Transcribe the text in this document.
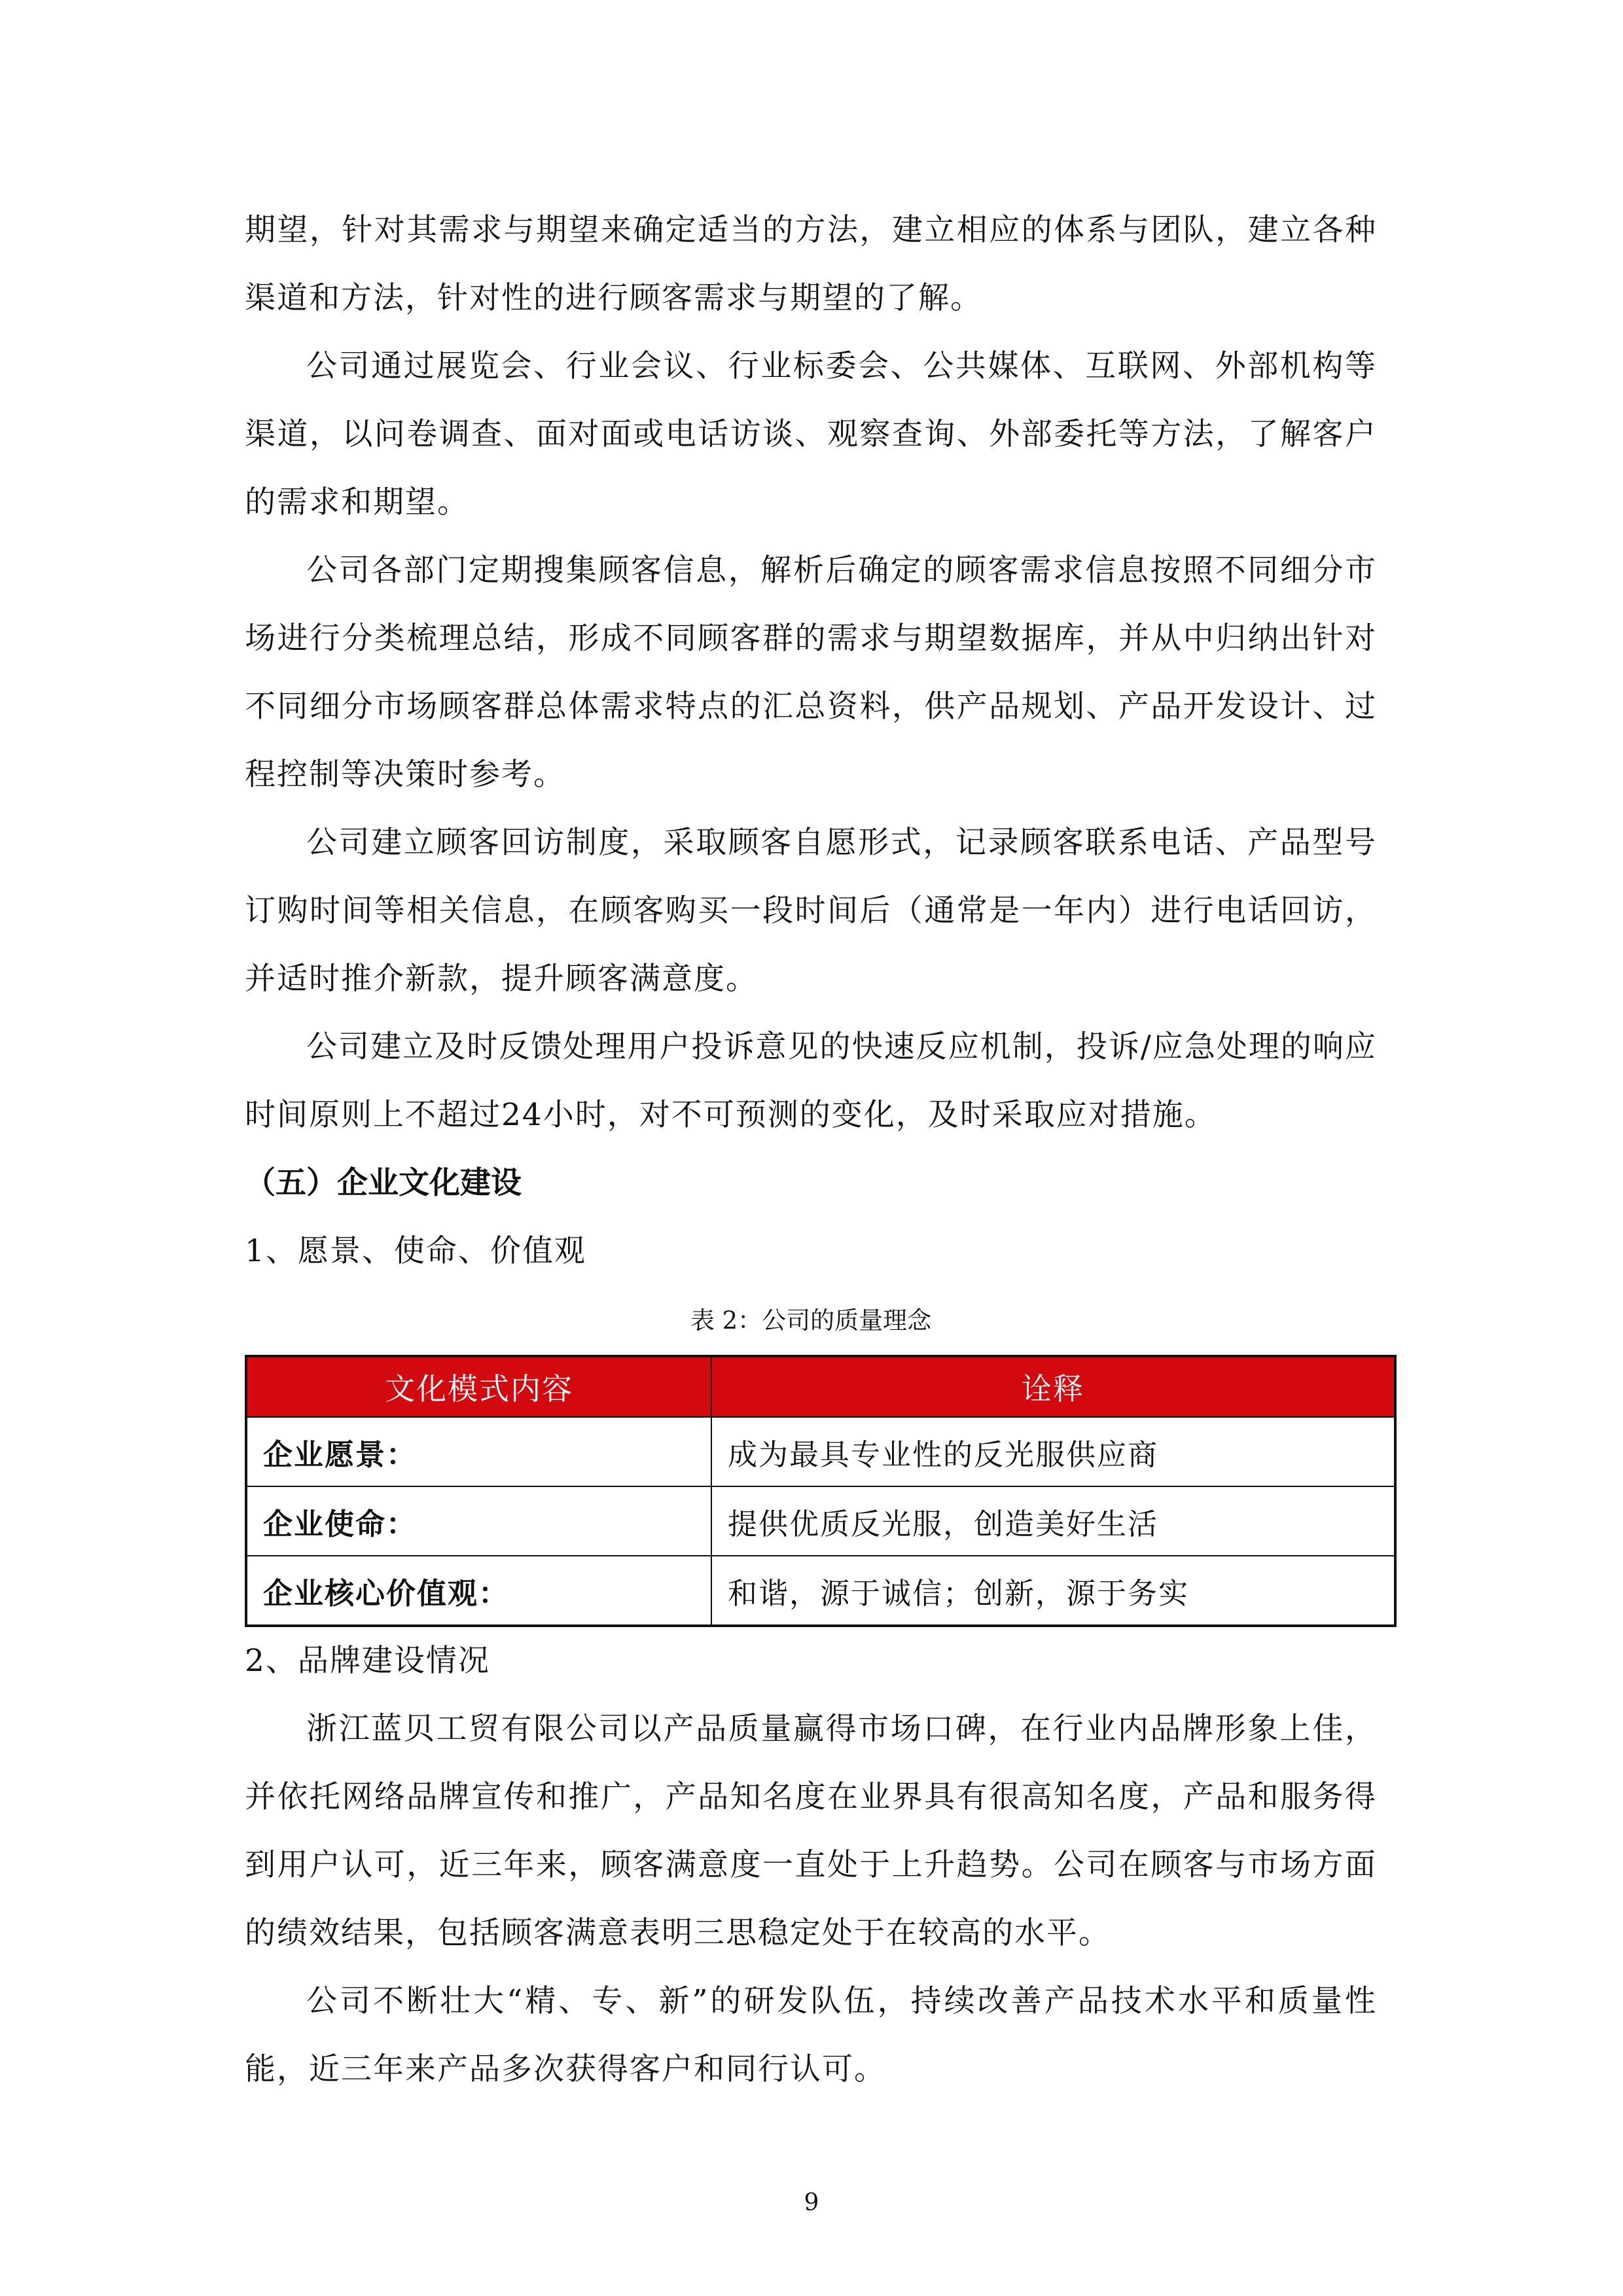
期望，针对其需求与期望来确定适当的方法，建立相应的体系与团队，建立各种渠道和方法，针对性的进行顾客需求与期望的了解。

公司通过展览会、行业会议、行业标委会、公共媒体、互联网、外部机构等渠道，以问卷调查、面对面或电话访谈、观察查询、外部委托等方法，了解客户的需求和期望。

公司各部门定期搜集顾客信息，解析后确定的顾客需求信息按照不同细分市场进行分类梳理总结，形成不同顾客群的需求与期望数据库，并从中归纳出针对不同细分市场顾客群总体需求特点的汇总资料，供产品规划、产品开发设计、过程控制等决策时参考。

公司建立顾客回访制度，采取顾客自愿形式，记录顾客联系电话、产品型号订购时间等相关信息，在顾客购买一段时间后（通常是一年内）进行电话回访，并适时推介新款，提升顾客满意度。

公司建立及时反馈处理用户投诉意见的快速反应机制，投诉/应急处理的响应时间原则上不超过24小时，对不可预测的变化，及时采取应对措施。

（五）企业文化建设

1、愿景、使命、价值观

表 2：公司的质量理念
文化模式内容	诠释
企业愿景：	成为最具专业性的反光服供应商
企业使命：	提供优质反光服，创造美好生活
企业核心价值观：	和谐，源于诚信；创新，源于务实

2、品牌建设情况

浙江蓝贝工贸有限公司以产品质量赢得市场口碑，在行业内品牌形象上佳，并依托网络品牌宣传和推广，产品知名度在业界具有很高知名度，产品和服务得到用户认可，近三年来，顾客满意度一直处于上升趋势。公司在顾客与市场方面的绩效结果，包括顾客满意表明三思稳定处于在较高的水平。

公司不断壮大“精、专、新”的研发队伍，持续改善产品技术水平和质量性能，近三年来产品多次获得客户和同行认可。

9
